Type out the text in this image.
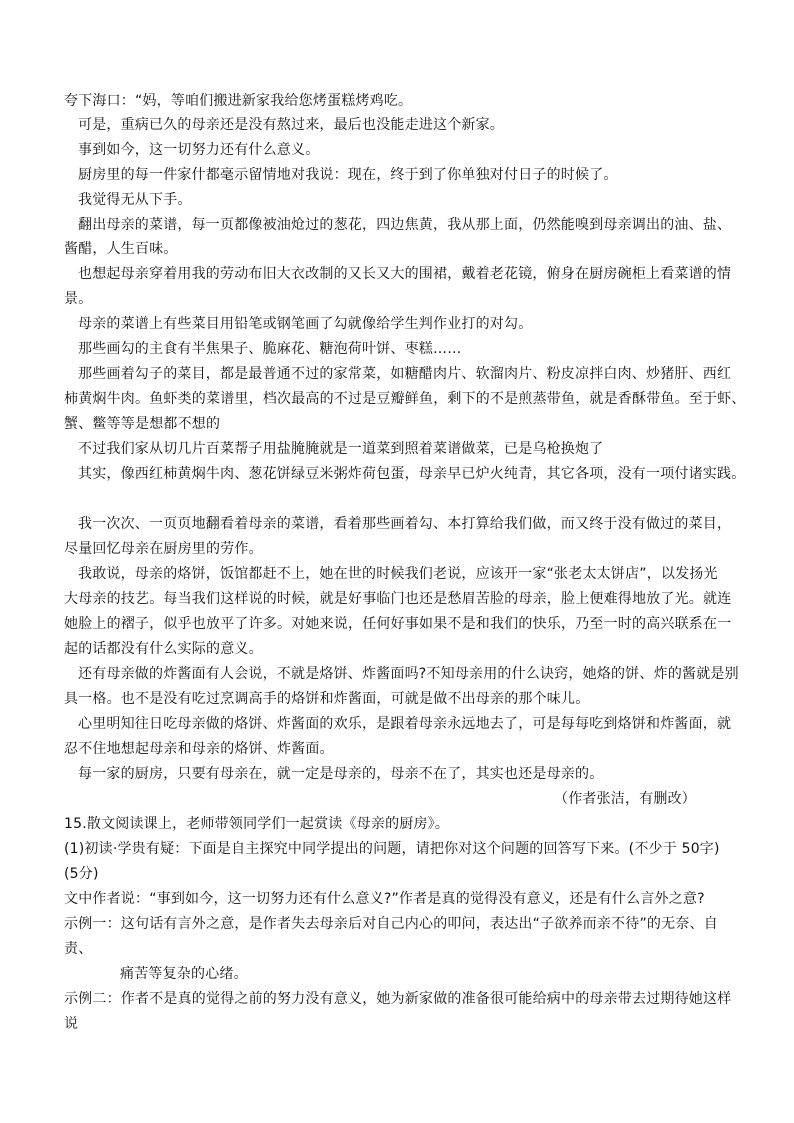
夸下海口：“妈，等咱们搬进新家我给您烤蛋糕烤鸡吃。
可是，重病已久的母亲还是没有熬过来，最后也没能走进这个新家。
事到如今，这一切努力还有什么意义。
厨房里的每一件家什都毫示留情地对我说：现在，终于到了你单独对付日子的时候了。
我觉得无从下手。
翻出母亲的菜谱，每一页都像被油炝过的葱花，四边焦黄，我从那上面，仍然能嗅到母亲调出的油、盐、
酱醋，人生百味。
也想起母亲穿着用我的劳动布旧大衣改制的又长又大的围裙，戴着老花镜，俯身在厨房碗柜上看菜谱的情
景。
母亲的菜谱上有些菜目用铅笔或钢笔画了勾就像给学生判作业打的对勾。
那些画勾的主食有半焦果子、脆麻花、糖泡荷叶饼、枣糕……
那些画着勾子的菜目，都是最普通不过的家常菜，如糖醋肉片、软溜肉片、粉皮凉拌白肉、炒猪肝、西红
柿黄焖牛肉。鱼虾类的菜谱里，档次最高的不过是豆瓣鲜鱼，剩下的不是煎蒸带鱼，就是香酥带鱼。至于虾、
蟹、鳖等等是想都不想的
不过我们家从切几片百菜帮子用盐腌腌就是一道菜到照着菜谱做菜，已是乌枪换炮了
其实，像西红柿黄焖牛肉、葱花饼绿豆米粥炸荷包蛋，母亲早已炉火纯青，其它各项，没有一项付诸实践。
我一次次、一页页地翻看着母亲的菜谱，看着那些画着勾、本打算给我们做，而又终于没有做过的菜目，
尽量回忆母亲在厨房里的劳作。
我敢说，母亲的烙饼，饭馆都赶不上，她在世的时候我们老说，应该开一家“张老太太饼店”，以发扬光
大母亲的技艺。每当我们这样说的时候，就是好事临门也还是愁眉苦脸的母亲，脸上便难得地放了光。就连
她脸上的褶子，似乎也放平了许多。对她来说，任何好事如果不是和我们的快乐，乃至一时的高兴联系在一
起的话都没有什么实际的意义。
还有母亲做的炸酱面有人会说，不就是烙饼、炸酱面吗?不知母亲用的什么诀窍，她烙的饼、炸的酱就是别
具一格。也不是没有吃过烹调高手的烙饼和炸酱面，可就是做不出母亲的那个味儿。
心里明知往日吃母亲做的烙饼、炸酱面的欢乐，是跟着母亲永远地去了，可是每每吃到烙饼和炸酱面，就
忍不住地想起母亲和母亲的烙饼、炸酱面。
每一家的厨房，只要有母亲在，就一定是母亲的，母亲不在了，其实也还是母亲的。
（作者张洁，有删改）
15.散文阅读课上，老师带领同学们一起赏读《母亲的厨房》。
(1)初读·学贵有疑：下面是自主探究中同学提出的问题，请把你对这个问题的回答写下来。(不少于 50字)
(5分)
文中作者说：“事到如今，这一切努力还有什么意义?”作者是真的觉得没有意义，还是有什么言外之意?
示例一：这句话有言外之意，是作者失去母亲后对自己内心的叩问，表达出“子欲养而亲不待”的无奈、自
责、
痛苦等复杂的心绪。
示例二：作者不是真的觉得之前的努力没有意义，她为新家做的准备很可能给病中的母亲带去过期待她这样
说
